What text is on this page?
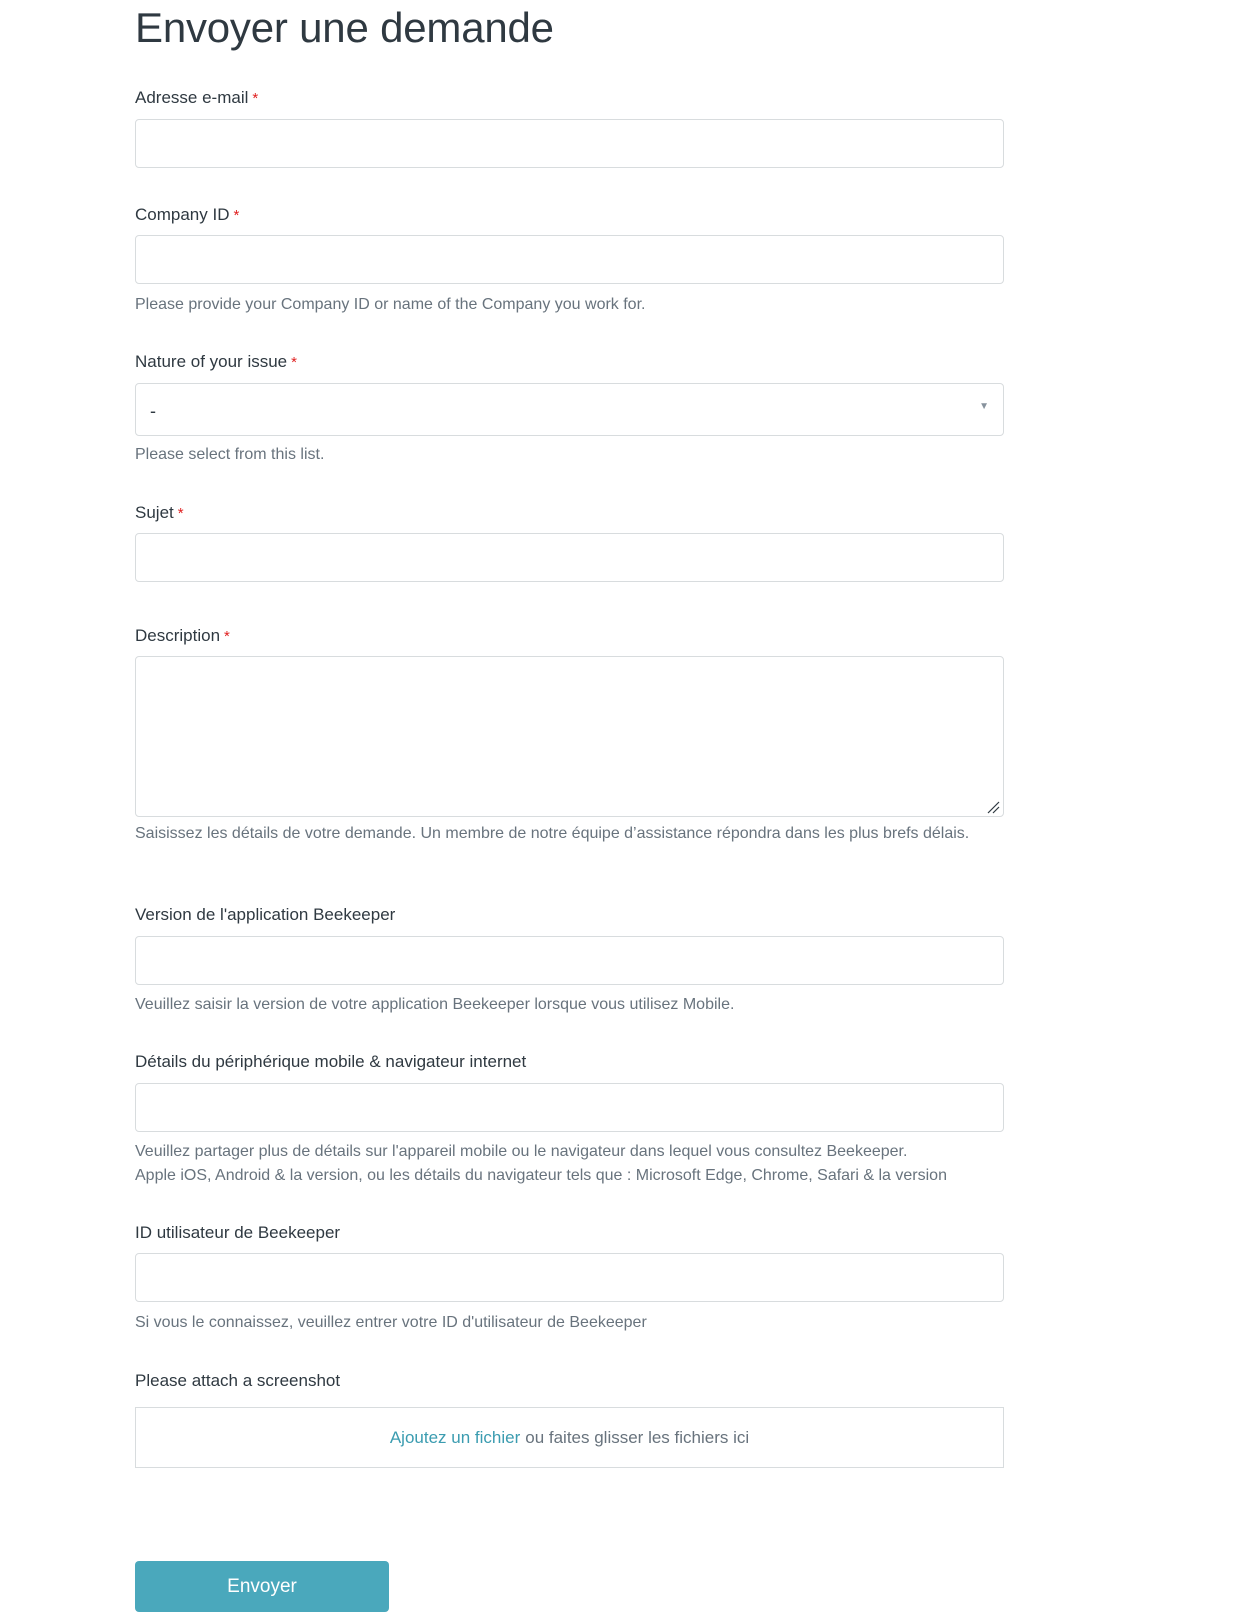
Envoyer une demande
Adresse e-mail *
Company ID *
Please provide your Company ID or name of the Company you work for.
Nature of your issue *
-	▼
Please select from this list.
Sujet *
Description *
Saisissez les détails de votre demande. Un membre de notre équipe d’assistance répondra dans les plus brefs délais.
Version de l'application Beekeeper
Veuillez saisir la version de votre application Beekeeper lorsque vous utilisez Mobile.
Détails du périphérique mobile & navigateur internet
Veuillez partager plus de détails sur l'appareil mobile ou le navigateur dans lequel vous consultez Beekeeper.
Apple iOS, Android & la version, ou les détails du navigateur tels que : Microsoft Edge, Chrome, Safari & la version
ID utilisateur de Beekeeper
Si vous le connaissez, veuillez entrer votre ID d'utilisateur de Beekeeper
Please attach a screenshot
Ajoutez un fichier ou faites glisser les fichiers ici
Envoyer
